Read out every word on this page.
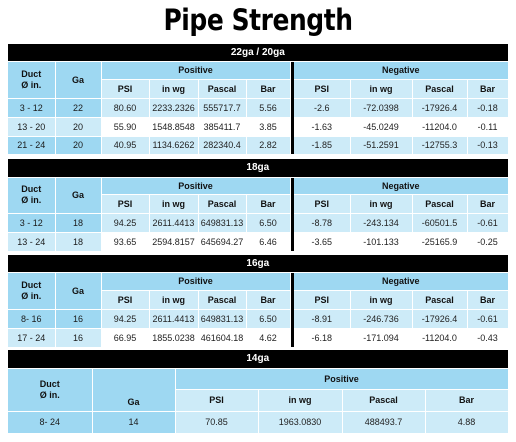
Pipe Strength
22ga / 20ga										
Duct
Ø in.	Ga	Positive					Negative			
		PSI	in wg	Pascal	Bar		PSI	in wg	Pascal	Bar
3 - 12	22	80.60	2233.2326	555717.7	5.56		-2.6	-72.0398	-17926.4	-0.18
13 - 20	20	55.90	1548.8548	385411.7	3.85		-1.63	-45.0249	-11204.0	-0.11
21 - 24	20	40.95	1134.6262	282340.4	2.82		-1.85	-51.2591	-12755.3	-0.13
18ga										
Duct
Ø in.	Ga	Positive					Negative			
		PSI	in wg	Pascal	Bar		PSI	in wg	Pascal	Bar
3 - 12	18	94.25	2611.4413	649831.13	6.50		-8.78	-243.134	-60501.5	-0.61
13 - 24	18	93.65	2594.8157	645694.27	6.46		-3.65	-101.133	-25165.9	-0.25
16ga										
Duct
Ø in.	Ga	Positive					Negative			
		PSI	in wg	Pascal	Bar		PSI	in wg	Pascal	Bar
8- 16	16	94.25	2611.4413	649831.13	6.50		-8.91	-246.736	-17926.4	-0.61
17 - 24	16	66.95	1855.0238	461604.18	4.62		-6.18	-171.094	-11204.0	-0.43
14ga					
Duct
Ø in.	Ga	Positive			
		PSI	in wg	Pascal	Bar
8- 24	14	70.85	1963.0830	488493.7	4.88
